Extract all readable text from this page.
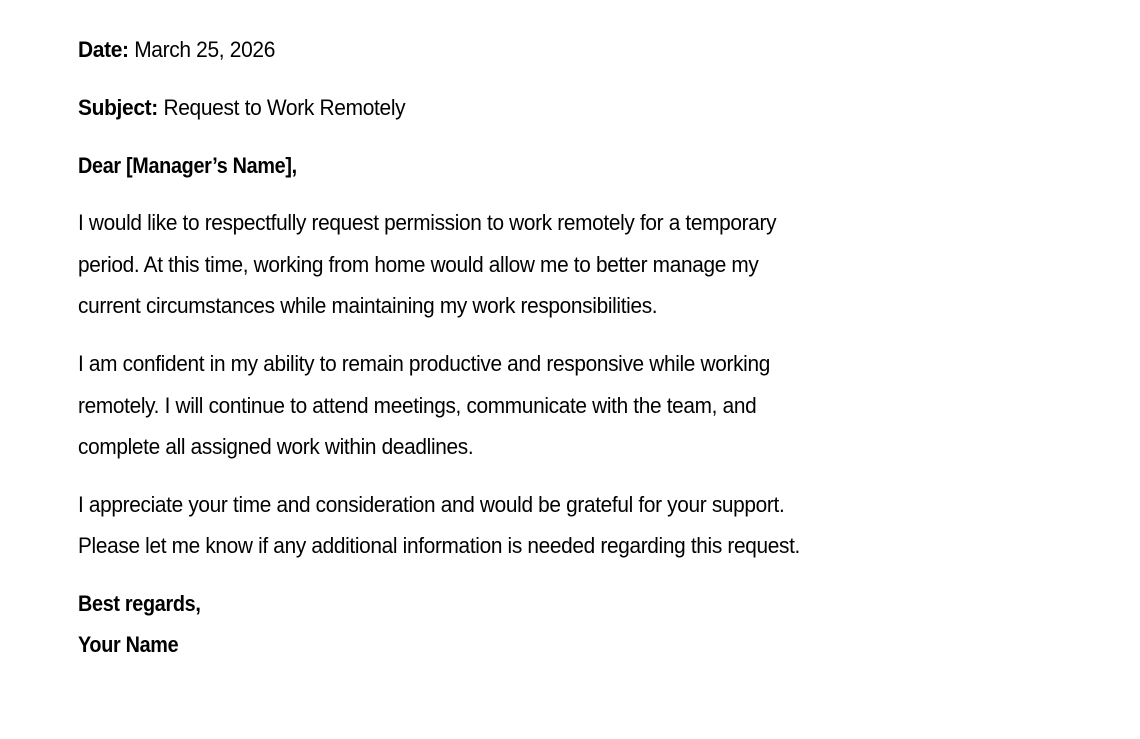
Date: March 25, 2026
Subject: Request to Work Remotely
Dear [Manager’s Name],
I would like to respectfully request permission to work remotely for a temporary
period. At this time, working from home would allow me to better manage my
current circumstances while maintaining my work responsibilities.
I am confident in my ability to remain productive and responsive while working
remotely. I will continue to attend meetings, communicate with the team, and
complete all assigned work within deadlines.
I appreciate your time and consideration and would be grateful for your support.
Please let me know if any additional information is needed regarding this request.
Best regards,
Your Name
